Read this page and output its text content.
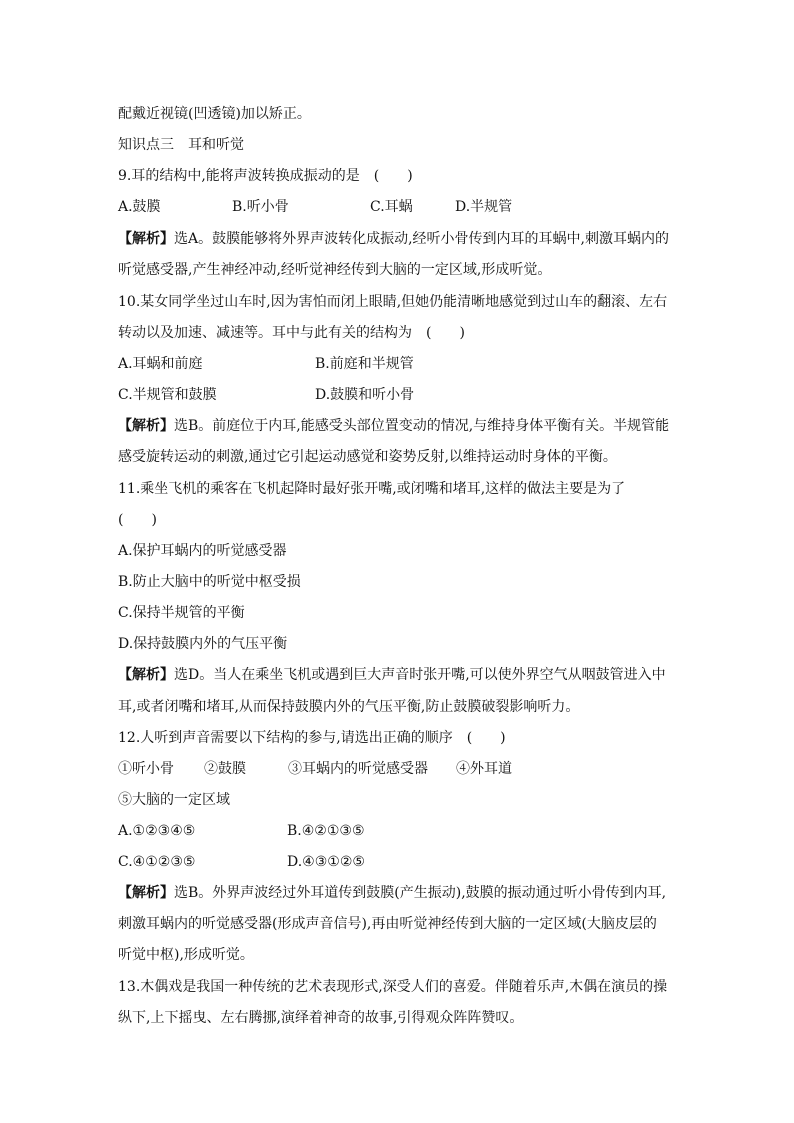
配戴近视镜(凹透镜)加以矫正。
知识点三　耳和听觉
9.耳的结构中,能将声波转换成振动的是　(　　)
A.鼓膜	B.听小骨	C.耳蜗	D.半规管
【解析】选A。鼓膜能够将外界声波转化成振动,经听小骨传到内耳的耳蜗中,刺激耳蜗内的
听觉感受器,产生神经冲动,经听觉神经传到大脑的一定区域,形成听觉。
10.某女同学坐过山车时,因为害怕而闭上眼睛,但她仍能清晰地感觉到过山车的翻滚、左右
转动以及加速、减速等。耳中与此有关的结构为　(　　)
A.耳蜗和前庭	B.前庭和半规管
C.半规管和鼓膜	D.鼓膜和听小骨
【解析】选B。前庭位于内耳,能感受头部位置变动的情况,与维持身体平衡有关。半规管能
感受旋转运动的刺激,通过它引起运动感觉和姿势反射,以维持运动时身体的平衡。
11.乘坐飞机的乘客在飞机起降时最好张开嘴,或闭嘴和堵耳,这样的做法主要是为了
(　　)
A.保护耳蜗内的听觉感受器
B.防止大脑中的听觉中枢受损
C.保持半规管的平衡
D.保持鼓膜内外的气压平衡
【解析】选D。当人在乘坐飞机或遇到巨大声音时张开嘴,可以使外界空气从咽鼓管进入中
耳,或者闭嘴和堵耳,从而保持鼓膜内外的气压平衡,防止鼓膜破裂影响听力。
12.人听到声音需要以下结构的参与,请选出正确的顺序　(　　)
①听小骨 ②鼓膜	③耳蜗内的听觉感受器 ④外耳道
⑤大脑的一定区域
A.①②③④⑤	B.④②①③⑤
C.④①②③⑤	D.④③①②⑤
【解析】选B。外界声波经过外耳道传到鼓膜(产生振动),鼓膜的振动通过听小骨传到内耳,
刺激耳蜗内的听觉感受器(形成声音信号),再由听觉神经传到大脑的一定区域(大脑皮层的
听觉中枢),形成听觉。
13.木偶戏是我国一种传统的艺术表现形式,深受人们的喜爱。伴随着乐声,木偶在演员的操
纵下,上下摇曳、左右腾挪,演绎着神奇的故事,引得观众阵阵赞叹。
